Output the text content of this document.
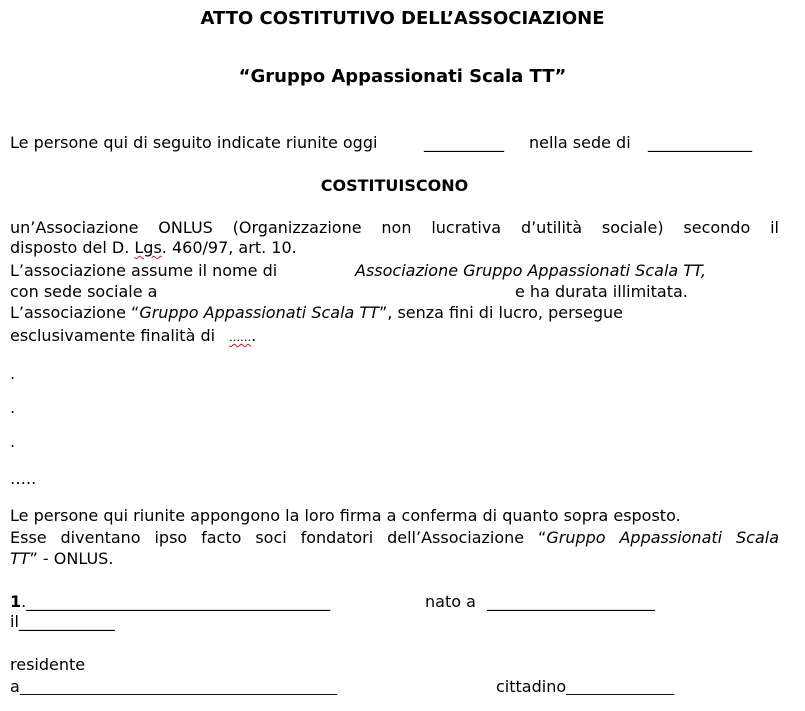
ATTO COSTITUTIVO DELL’ASSOCIAZIONE
“Gruppo Appassionati Scala TT”
Le persone qui di seguito indicate riunite oggi	__________ nella sede di _____________
COSTITUISCONO
un’Associazione ONLUS (Organizzazione non lucrativa d’utilità sociale) secondo il
disposto del D. Lgs. 460/97, art. 10.
L’associazione assume il nome di	Associazione Gruppo Appassionati Scala TT,
con sede sociale a	e ha durata illimitata.
L’associazione “Gruppo Appassionati Scala TT”, senza fini di lucro, persegue
esclusivamente finalità di …….
.
.
.
…..
Le persone qui riunite appongono la loro firma a conferma di quanto sopra esposto.
Esse diventano ipso facto soci fondatori dell’Associazione “Gruppo Appassionati Scala
TT” - ONLUS.
1.______________________________________	nato a _____________________
il____________
residente
a_______________________________________________	cittadino________________
